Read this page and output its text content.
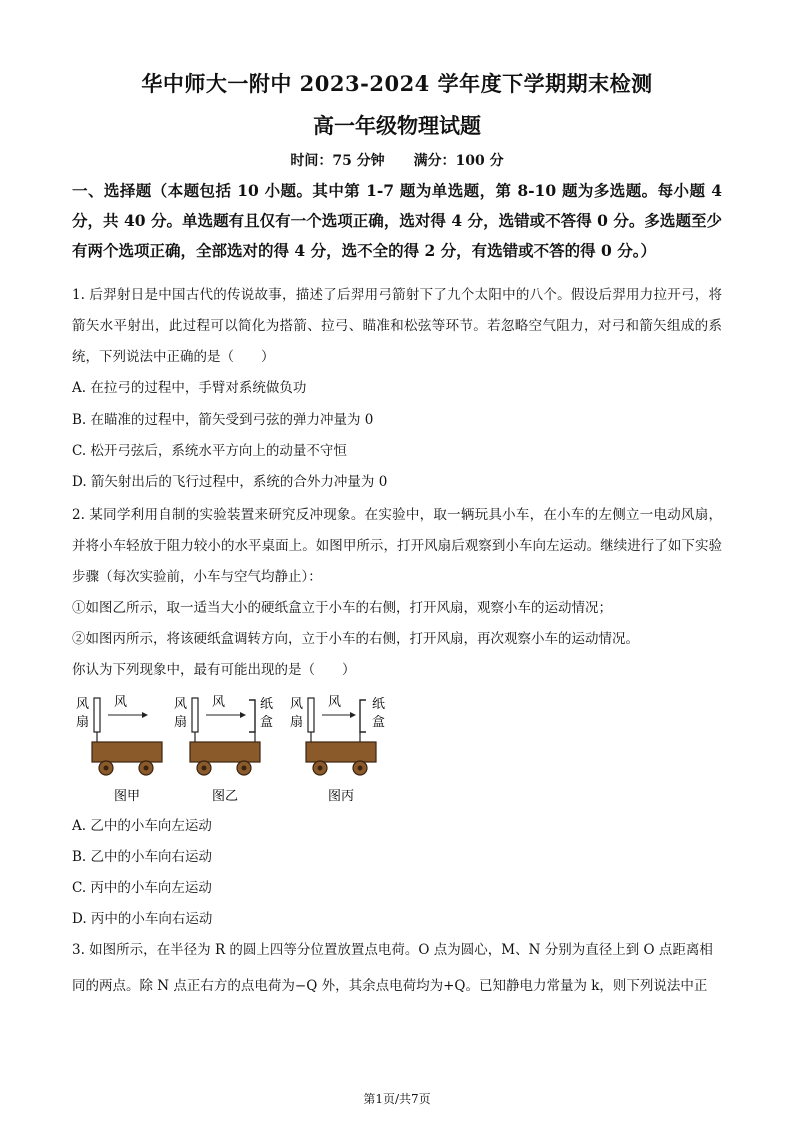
华中师大一附中 2023-2024 学年度下学期期末检测
高一年级物理试题
时间：75 分钟 满分：100 分
一、选择题（本题包括 10 小题。其中第 1-7 题为单选题，第 8-10 题为多选题。每小题 4 分，共 40 分。单选题有且仅有一个选项正确，选对得 4 分，选错或不答得 0 分。多选题至少有两个选项正确，全部选对的得 4 分，选不全的得 2 分，有选错或不答的得 0 分。）
1. 后羿射日是中国古代的传说故事，描述了后羿用弓箭射下了九个太阳中的八个。假设后羿用力拉开弓，将箭矢水平射出，此过程可以简化为搭箭、拉弓、瞄准和松弦等环节。若忽略空气阻力，对弓和箭矢组成的系统，下列说法中正确的是（　　）
A. 在拉弓的过程中，手臂对系统做负功
B. 在瞄准的过程中，箭矢受到弓弦的弹力冲量为 0
C. 松开弓弦后，系统水平方向上的动量不守恒
D. 箭矢射出后的飞行过程中，系统的合外力冲量为 0
2. 某同学利用自制的实验装置来研究反冲现象。在实验中，取一辆玩具小车，在小车的左侧立一电动风扇，并将小车轻放于阻力较小的水平桌面上。如图甲所示，打开风扇后观察到小车向左运动。继续进行了如下实验步骤（每次实验前，小车与空气均静止）：
①如图乙所示，取一适当大小的硬纸盒立于小车的右侧，打开风扇，观察小车的运动情况；
②如图丙所示，将该硬纸盒调转方向，立于小车的右侧，打开风扇，再次观察小车的运动情况。
你认为下列现象中，最有可能出现的是（　　）
风
扇
风
图甲
风
扇
风	纸
盒
图乙
风
扇
风 纸
盒
图丙
A. 乙中的小车向左运动
B. 乙中的小车向右运动
C. 丙中的小车向左运动
D. 丙中的小车向右运动
3. 如图所示，在半径为 R 的圆上四等分位置放置点电荷。O 点为圆心，M、N 分别为直径上到 O 点距离相
同的两点。除 N 点正右方的点电荷为−Q 外，其余点电荷均为+Q。已知静电力常量为 k，则下列说法中正
第1页/共7页
